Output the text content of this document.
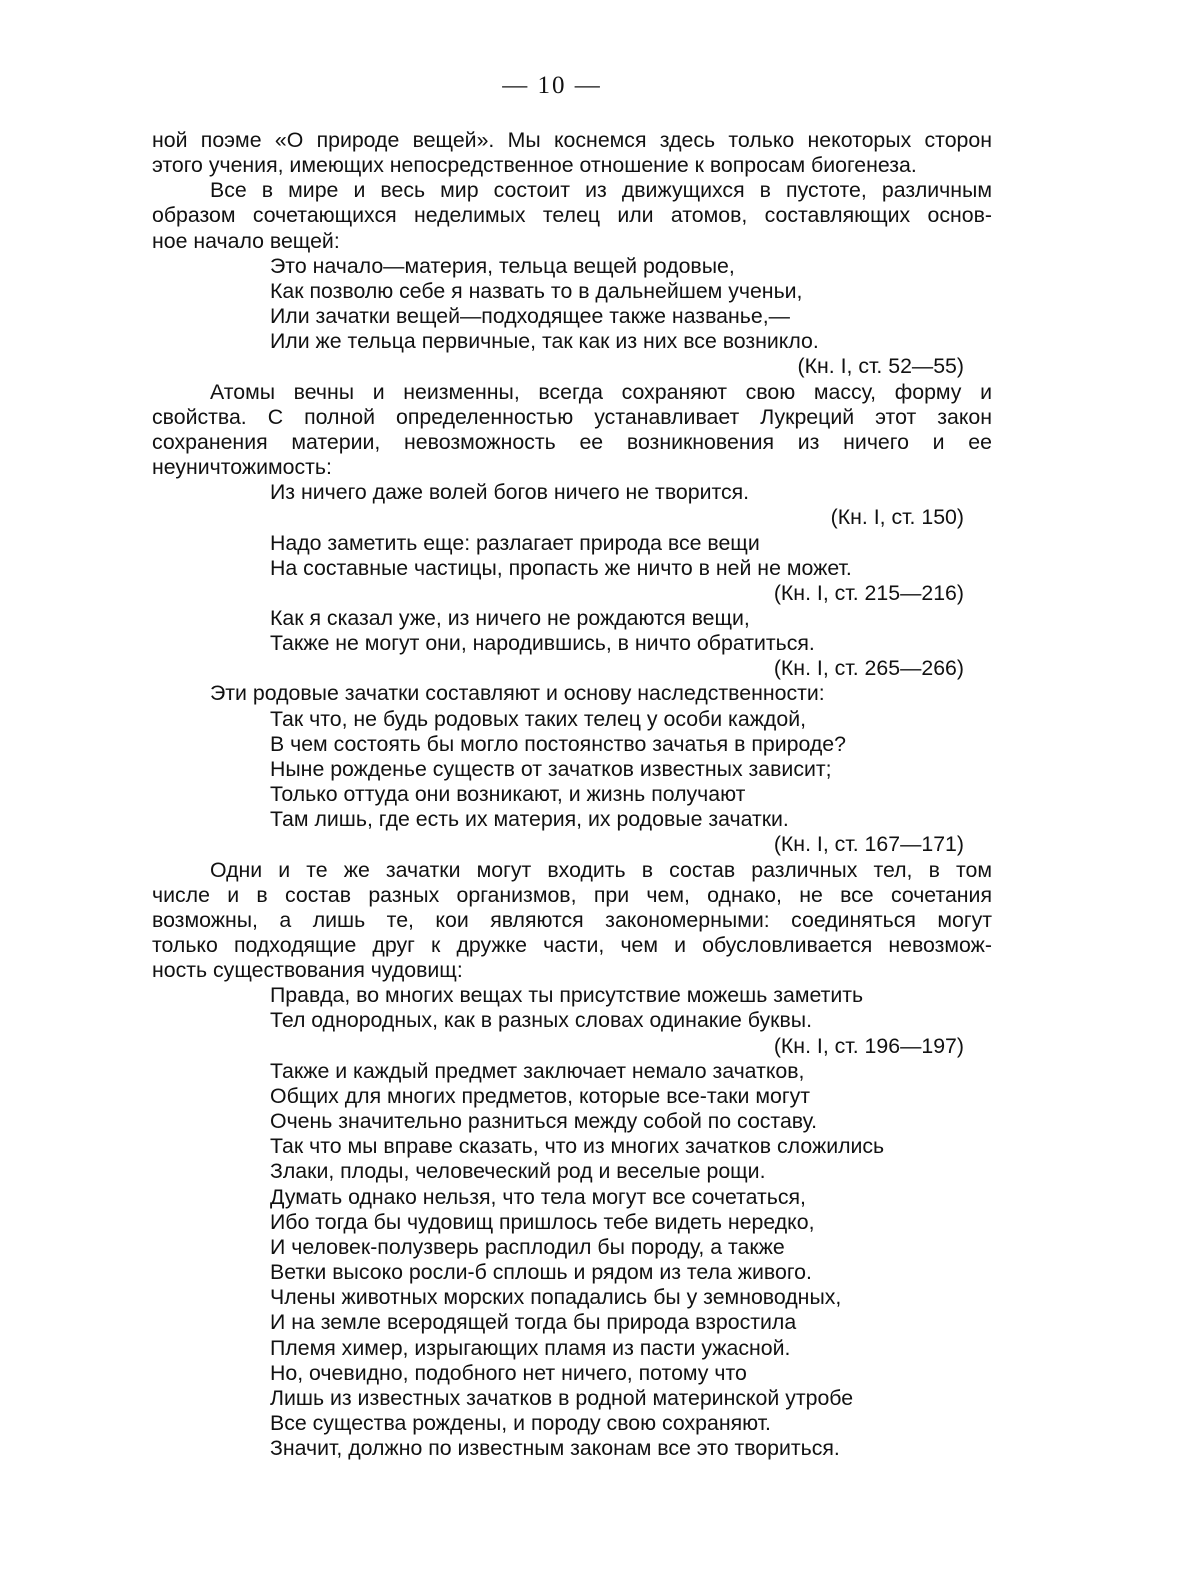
— 10 —
ной поэме «О природе вещей». Мы коснемся здесь только некоторых сторон
этого учения, имеющих непосредственное отношение к вопросам биогенеза.
Все в мире и весь мир состоит из движущихся в пустоте, различным
образом сочетающихся неделимых телец или атомов, составляющих основ-
ное начало вещей:
Это начало—материя, тельца вещей родовые,
Как позволю себе я назвать то в дальнейшем ученьи,
Или зачатки вещей—подходящее также названье,—
Или же тельца первичные, так как из них все возникло.
(Кн. I, ст. 52—55)
Атомы вечны и неизменны, всегда сохраняют свою массу, форму и
свойства. С полной определенностью устанавливает Лукреций этот закон
сохранения материи, невозможность ее возникновения из ничего и ее
неуничтожимость:
Из ничего даже волей богов ничего не творится.
(Кн. I, ст. 150)
Надо заметить еще: разлагает природа все вещи
На составные частицы, пропасть же ничто в ней не может.
(Кн. I, ст. 215—216)
Как я сказал уже, из ничего не рождаются вещи,
Также не могут они, народившись, в ничто обратиться.
(Кн. I, ст. 265—266)
Эти родовые зачатки составляют и основу наследственности:
Так что, не будь родовых таких телец у особи каждой,
В чем состоять бы могло постоянство зачатья в природе?
Ныне рожденье существ от зачатков известных зависит;
Только оттуда они возникают, и жизнь получают
Там лишь, где есть их материя, их родовые зачатки.
(Кн. I, ст. 167—171)
Одни и те же зачатки могут входить в состав различных тел, в том
числе и в состав разных организмов, при чем, однако, не все сочетания
возможны, а лишь те, кои являются закономерными: соединяться могут
только подходящие друг к дружке части, чем и обусловливается невозмож-
ность существования чудовищ:
Правда, во многих вещах ты присутствие можешь заметить
Тел однородных, как в разных словах одинакие буквы.
(Кн. I, ст. 196—197)
Также и каждый предмет заключает немало зачатков,
Общих для многих предметов, которые все-таки могут
Очень значительно разниться между собой по составу.
Так что мы вправе сказать, что из многих зачатков сложились
Злаки, плоды, человеческий род и веселые рощи.
Думать однако нельзя, что тела могут все сочетаться,
Ибо тогда бы чудовищ пришлось тебе видеть нередко,
И человек-полузверь расплодил бы породу, а также
Ветки высоко росли-б сплошь и рядом из тела живого.
Члены животных морских попадались бы у земноводных,
И на земле всеродящей тогда бы природа взростила
Племя химер, изрыгающих пламя из пасти ужасной.
Но, очевидно, подобного нет ничего, потому что
Лишь из известных зачатков в родной материнской утробе
Все существа рождены, и породу свою сохраняют.
Значит, должно по известным законам все это твориться.
